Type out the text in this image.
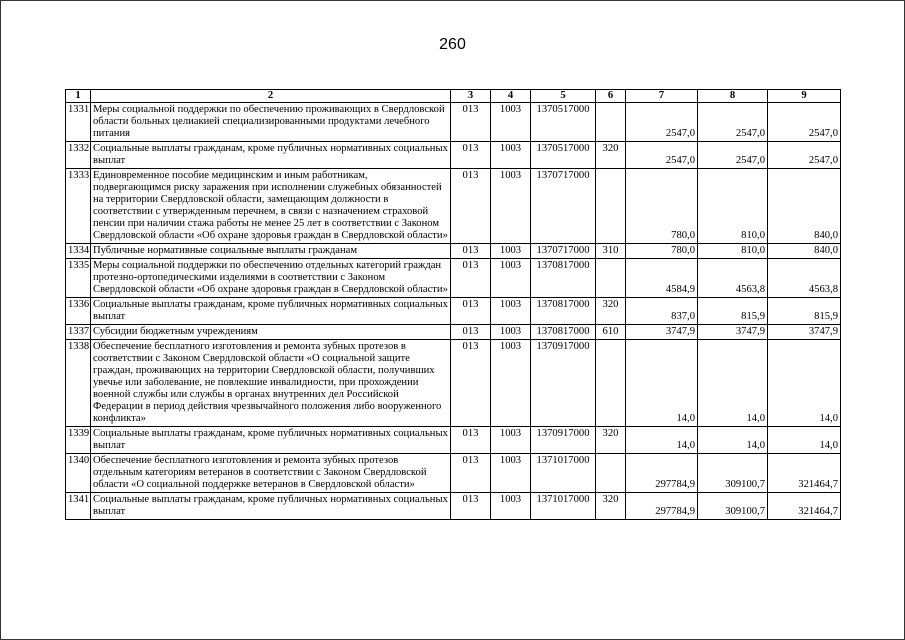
260
1	2	3	4	5	6	7	8	9
1331	Меры социальной поддержки по обеспечению проживающих в Свердловской области больных целиакией специализированными продуктами лечебного питания	013	1003	1370517000		2547,0	2547,0	2547,0
1332	Социальные выплаты гражданам, кроме публичных нормативных социальных выплат	013	1003	1370517000	320	2547,0	2547,0	2547,0
1333	Единовременное пособие медицинским и иным работникам, подвергающимся риску заражения при исполнении служебных обязанностей на территории Свердловской области, замещающим должности в соответствии с утвержденным перечнем, в связи с назначением страховой пенсии при наличии стажа работы не менее 25 лет в соответствии с Законом Свердловской области «Об охране здоровья граждан в Свердловской области»	013	1003	1370717000		780,0	810,0	840,0
1334	Публичные нормативные социальные выплаты гражданам	013	1003	1370717000	310	780,0	810,0	840,0
1335	Меры социальной поддержки по обеспечению отдельных категорий граждан протезно-ортопедическими изделиями в соответствии с Законом Свердловской области «Об охране здоровья граждан в Свердловской области»	013	1003	1370817000		4584,9	4563,8	4563,8
1336	Социальные выплаты гражданам, кроме публичных нормативных социальных выплат	013	1003	1370817000	320	837,0	815,9	815,9
1337	Субсидии бюджетным учреждениям	013	1003	1370817000	610	3747,9	3747,9	3747,9
1338	Обеспечение бесплатного изготовления и ремонта зубных протезов в соответствии с Законом Свердловской области «О социальной защите граждан, проживающих на территории Свердловской области, получивших увечье или заболевание, не повлекшие инвалидности, при прохождении военной службы или службы в органах внутренних дел Российской Федерации в период действия чрезвычайного положения либо вооруженного конфликта»	013	1003	1370917000		14,0	14,0	14,0
1339	Социальные выплаты гражданам, кроме публичных нормативных социальных выплат	013	1003	1370917000	320	14,0	14,0	14,0
1340	Обеспечение бесплатного изготовления и ремонта зубных протезов отдельным категориям ветеранов в соответствии с Законом Свердловской области «О социальной поддержке ветеранов в Свердловской области»	013	1003	1371017000		297784,9	309100,7	321464,7
1341	Социальные выплаты гражданам, кроме публичных нормативных социальных выплат	013	1003	1371017000	320	297784,9	309100,7	321464,7
